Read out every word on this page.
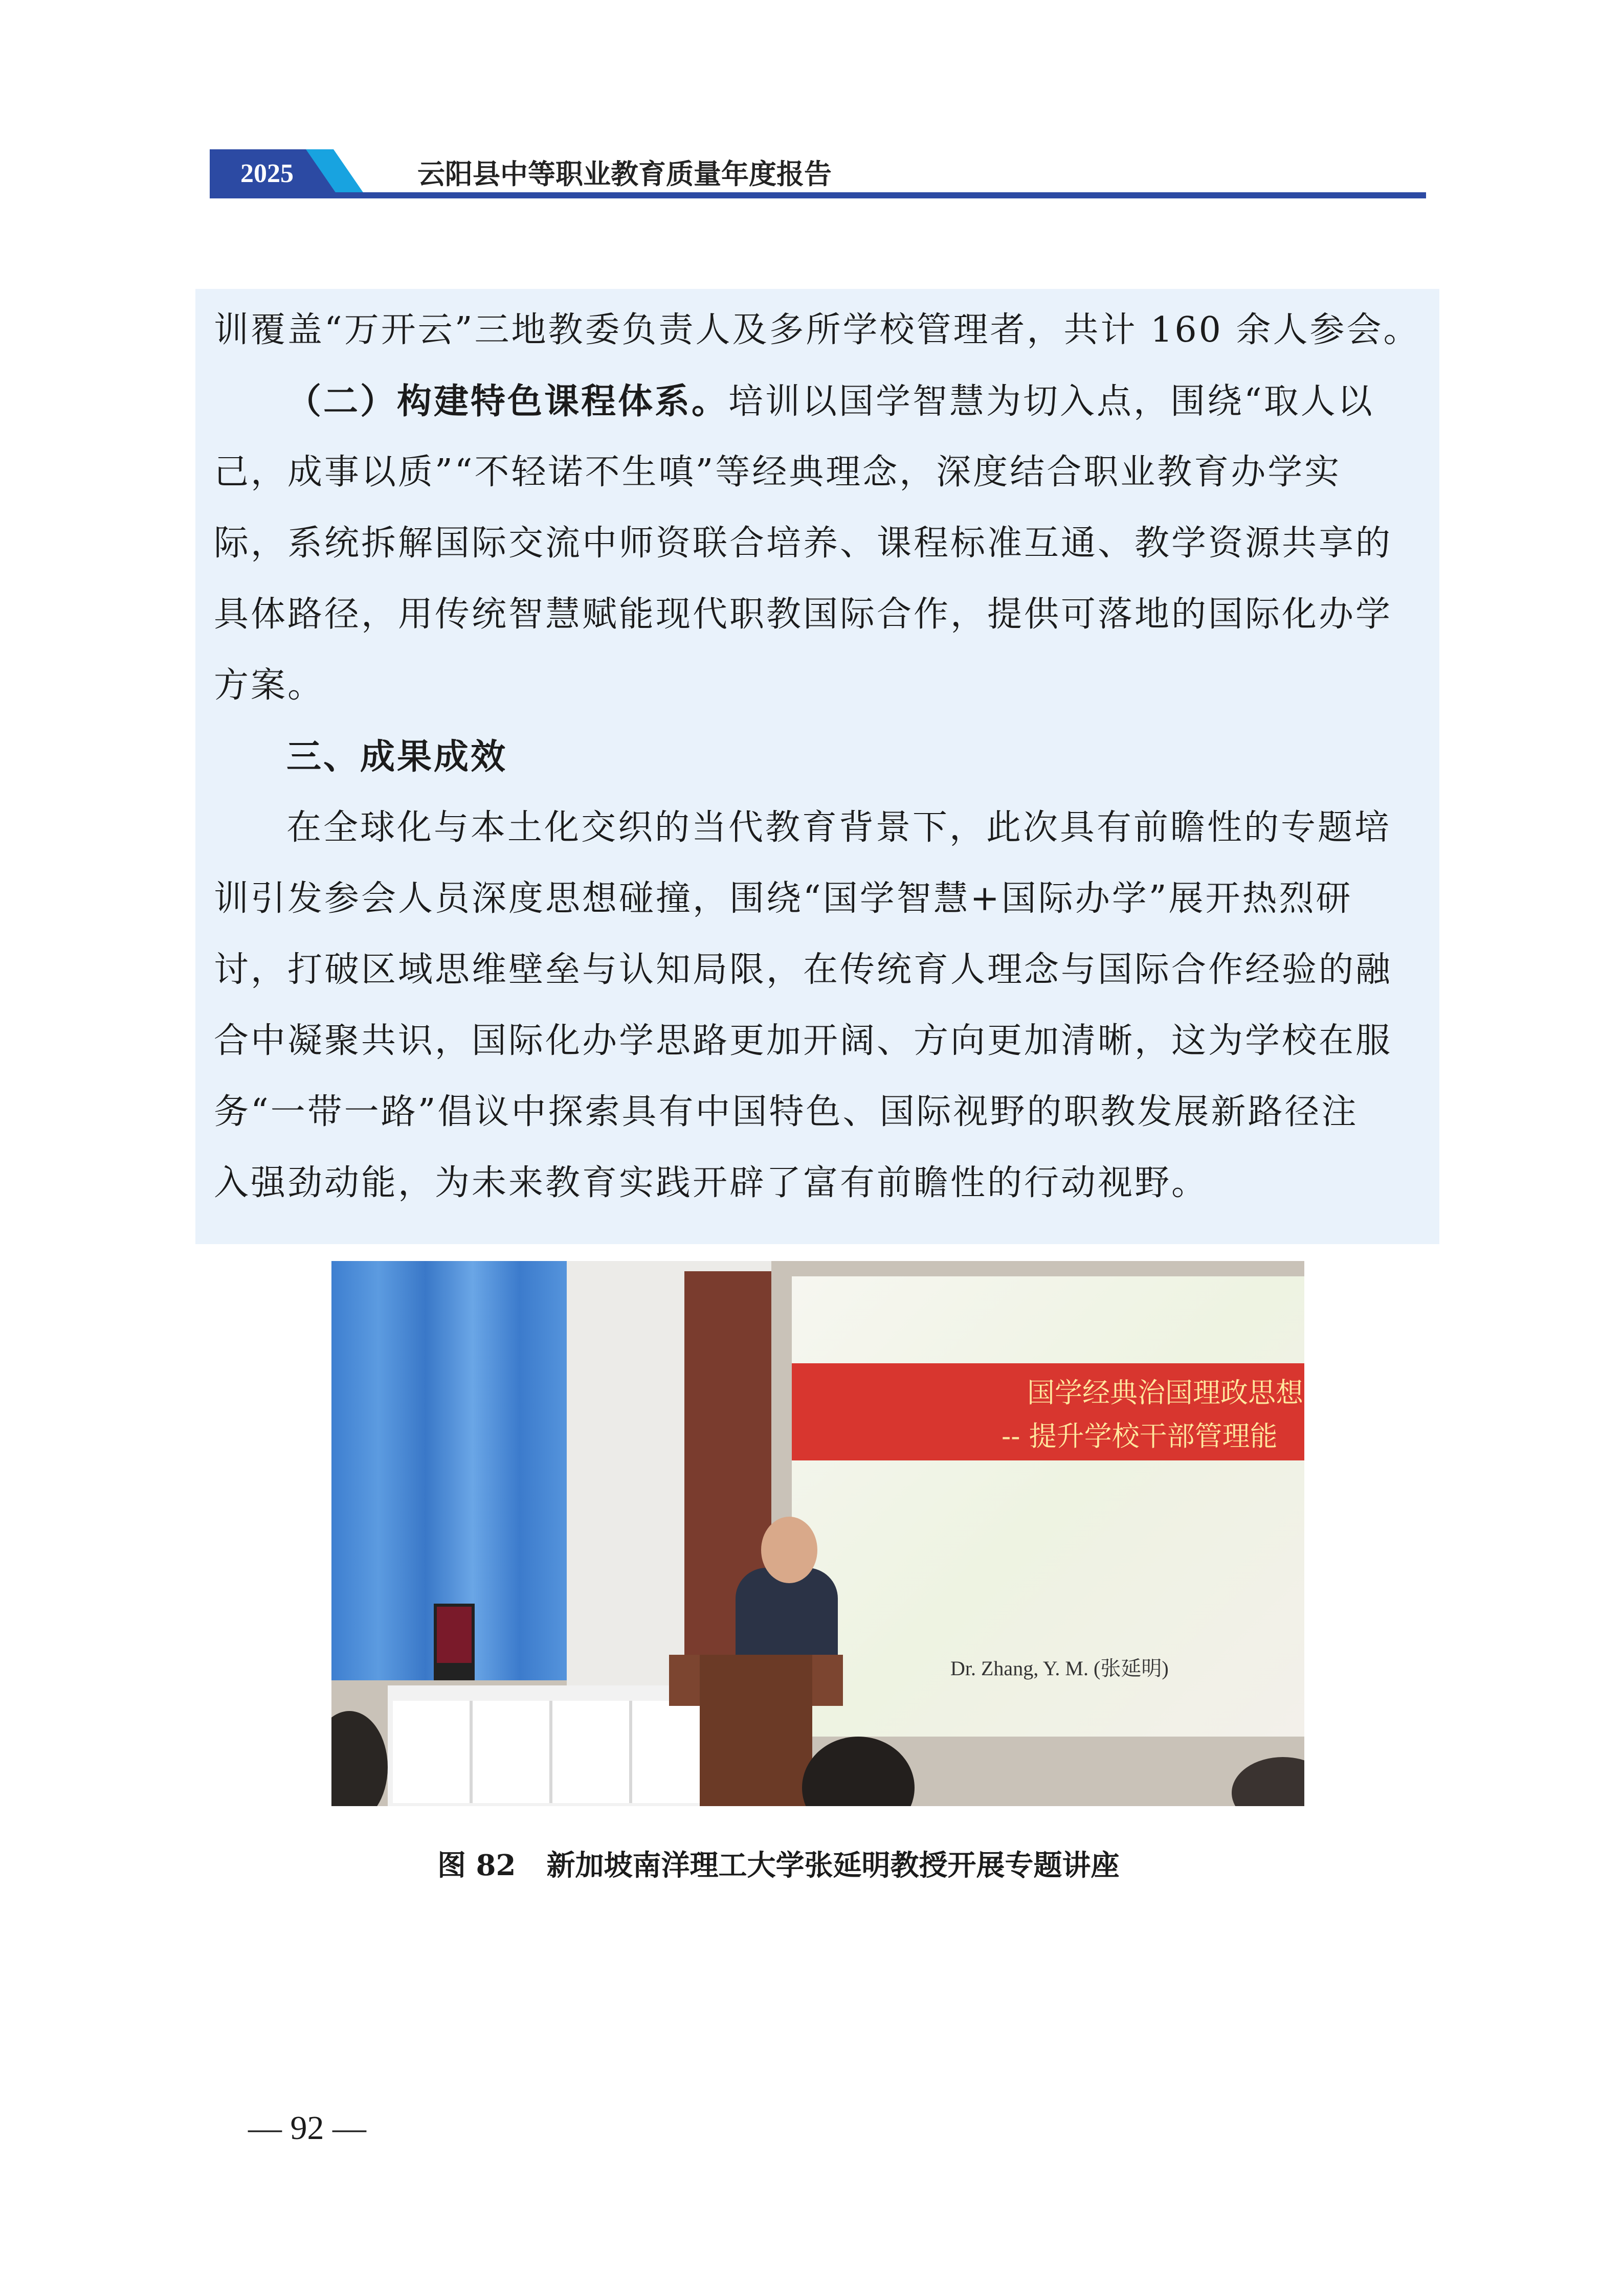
2025	云阳县中等职业教育质量年度报告
训覆盖“万开云”三地教委负责人及多所学校管理者，共计 160 余人参会。
（二）构建特色课程体系。培训以国学智慧为切入点，围绕“取人以
己，成事以质”“不轻诺不生嗔”等经典理念，深度结合职业教育办学实
际，系统拆解国际交流中师资联合培养、课程标准互通、教学资源共享的
具体路径，用传统智慧赋能现代职教国际合作，提供可落地的国际化办学
方案。
三、成果成效
在全球化与本土化交织的当代教育背景下，此次具有前瞻性的专题培
训引发参会人员深度思想碰撞，围绕“国学智慧+国际办学”展开热烈研
讨，打破区域思维壁垒与认知局限，在传统育人理念与国际合作经验的融
合中凝聚共识，国际化办学思路更加开阔、方向更加清晰，这为学校在服
务“一带一路”倡议中探索具有中国特色、国际视野的职教发展新路径注
入强劲动能，为未来教育实践开辟了富有前瞻性的行动视野。
国学经典治国理政思想
-- 提升学校干部管理能
Dr. Zhang, Y. M. (张延明)
图 82 新加坡南洋理工大学张延明教授开展专题讲座
— 92 —
